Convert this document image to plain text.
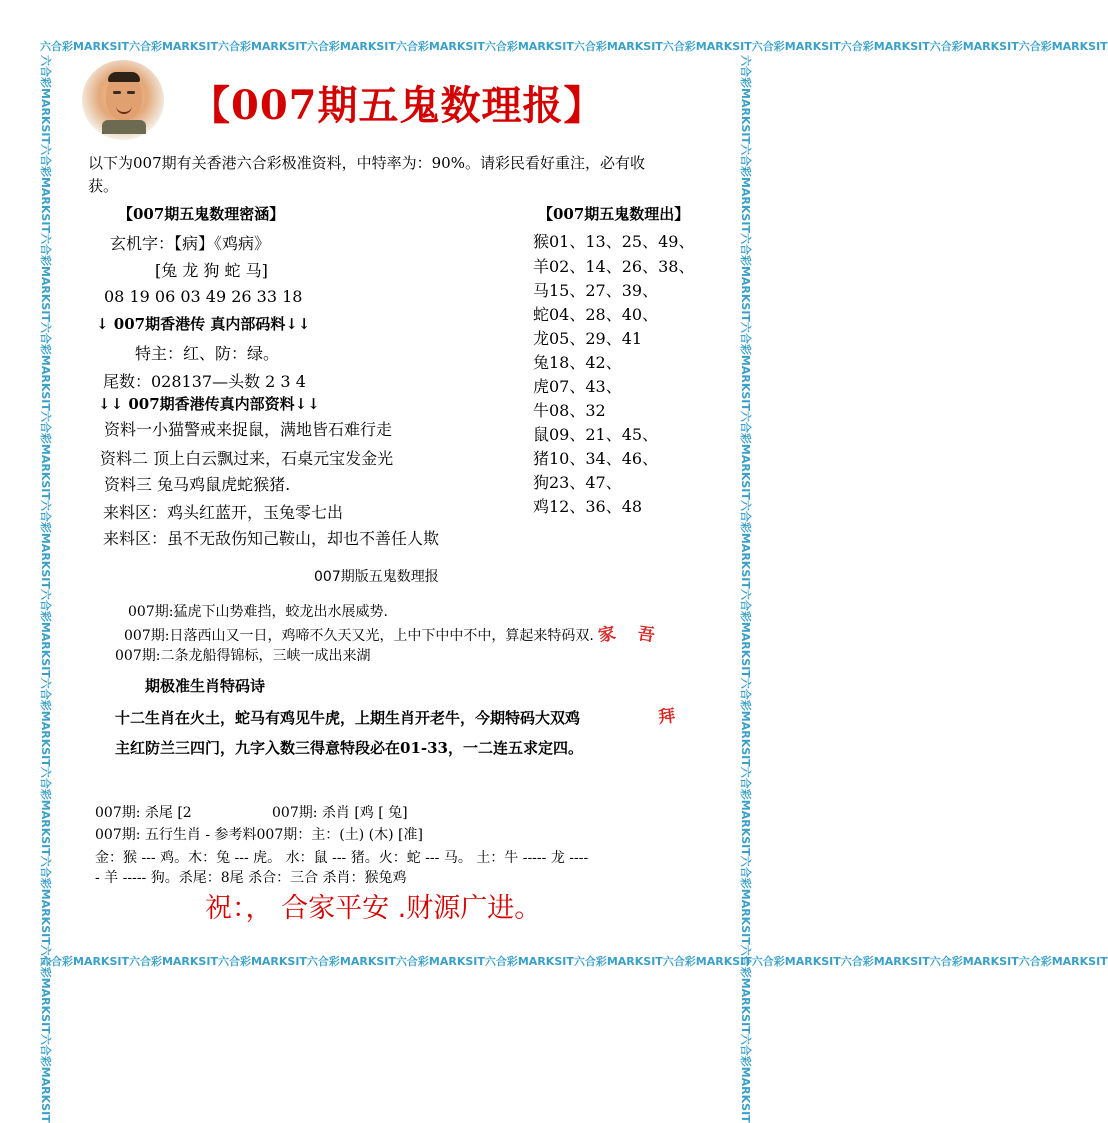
六合彩MARKSIT六合彩MARKSIT六合彩MARKSIT六合彩MARKSIT六合彩MARKSIT六合彩MARKSIT六合彩MARKSIT六合彩MARKSIT六合彩MARKSIT六合彩MARKSIT六合彩MARKSIT六合彩MARKSIT
六合彩MARKSIT六合彩MARKSIT六合彩MARKSIT六合彩MARKSIT六合彩MARKSIT六合彩MARKSIT六合彩MARKSIT六合彩MARKSIT六合彩MARKSIT六合彩MARKSIT六合彩MARKSIT六合彩MARKSIT
六合彩MARKSIT六合彩MARKSIT六合彩MARKSIT六合彩MARKSIT六合彩MARKSIT六合彩MARKSIT六合彩MARKSIT六合彩MARKSIT六合彩MARKSIT六合彩MARKSIT六合彩MARKSIT六合彩MARKSIT	六合彩MARKSIT六合彩MARKSIT六合彩MARKSIT六合彩MARKSIT六合彩MARKSIT六合彩MARKSIT六合彩MARKSIT六合彩MARKSIT六合彩MARKSIT六合彩MARKSIT六合彩MARKSIT六合彩MARKSIT
【007期五鬼数理报】
以下为007期有关香港六合彩极准资料，中特率为：90%。请彩民看好重注，必有收
获。
【007期五鬼数理密涵】
玄机字：【病】《鸡病》
[兔 龙 狗 蛇 马]
08 19 06 03 49 26 33 18
↓ 007期香港传 真内部码料↓↓
特主：红、防：绿。
尾数：028137—头数 2 3 4
↓↓ 007期香港传真内部资料↓↓
资料一小猫警戒来捉鼠，满地皆石难行走
资料二 顶上白云飘过来，石桌元宝发金光
资料三 兔马鸡鼠虎蛇猴猪.
来料区：鸡头红蓝开，玉兔零七出
来料区：虽不无敌伤知己鞍山，却也不善任人欺
【007期五鬼数理出】
猴01、13、25、49、
羊02、14、26、38、
马15、27、39、
蛇04、28、40、
龙05、29、41
兔18、42、
虎07、43、
牛08、32
鼠09、21、45、
猪10、34、46、
狗23、47、
鸡12、36、48
007期版五鬼数理报
007期:猛虎下山势难挡，蛟龙出水展威势.
007期:日落西山又一日，鸡啼不久天又光，上中下中中不中，算起来特码双.
007期:二条龙船得锦标，三峡一成出来湖
家 吾
期极准生肖特码诗
十二生肖在火土，蛇马有鸡见牛虎，上期生肖开老牛，今期特码大双鸡
主红防兰三四门，九字入数三得意特段必在01-33，一二连五求定四。
拜
007期: 杀尾 [2	007期: 杀肖 [鸡 [ 兔]
007期: 五行生肖 - 参考料007期：主：(土) (木) [准]
金：猴 --- 鸡。木：兔 --- 虎。 水：鼠 --- 猪。火：蛇 --- 马。 土：牛 ----- 龙 ----
- 羊 ----- 狗。杀尾：8尾 杀合：三合 杀肖：猴兔鸡
祝：， 合家平安 .财源广进。
